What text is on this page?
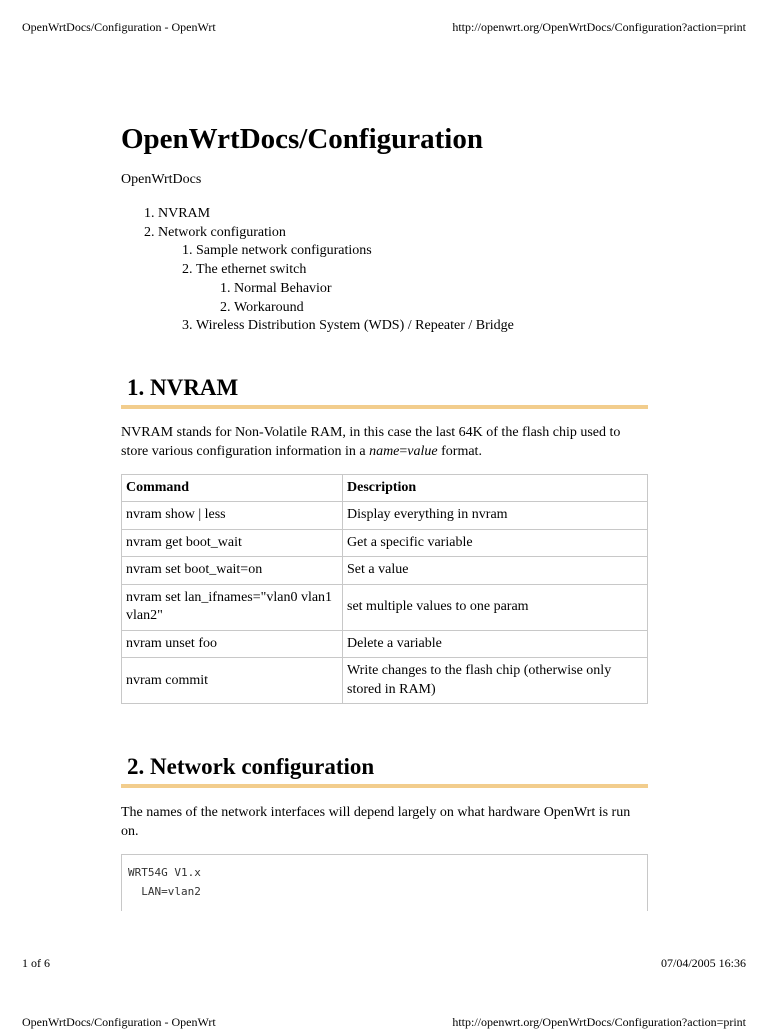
OpenWrtDocs/Configuration - OpenWrt	http://openwrt.org/OpenWrtDocs/Configuration?action=print
OpenWrtDocs/Configuration
OpenWrtDocs
1. NVRAM
2. Network configuration
1. Sample network configurations
2. The ethernet switch
1. Normal Behavior
2. Workaround
3. Wireless Distribution System (WDS) / Repeater / Bridge
1. NVRAM

NVRAM stands for Non-Volatile RAM, in this case the last 64K of the flash chip used to store various configuration information in a name=value format.

Command	Description
nvram show | less	Display everything in nvram
nvram get boot_wait	Get a specific variable
nvram set boot_wait=on	Set a value
nvram set lan_ifnames="vlan0 vlan1 vlan2"	set multiple values to one param
nvram unset foo	Delete a variable
nvram commit	Write changes to the flash chip (otherwise only stored in RAM)
2. Network configuration

The names of the network interfaces will depend largely on what hardware OpenWrt is run on.

WRT54G V1.x
LAN=vlan2
1 of 6	07/04/2005 16:36
OpenWrtDocs/Configuration - OpenWrt	http://openwrt.org/OpenWrtDocs/Configuration?action=print
